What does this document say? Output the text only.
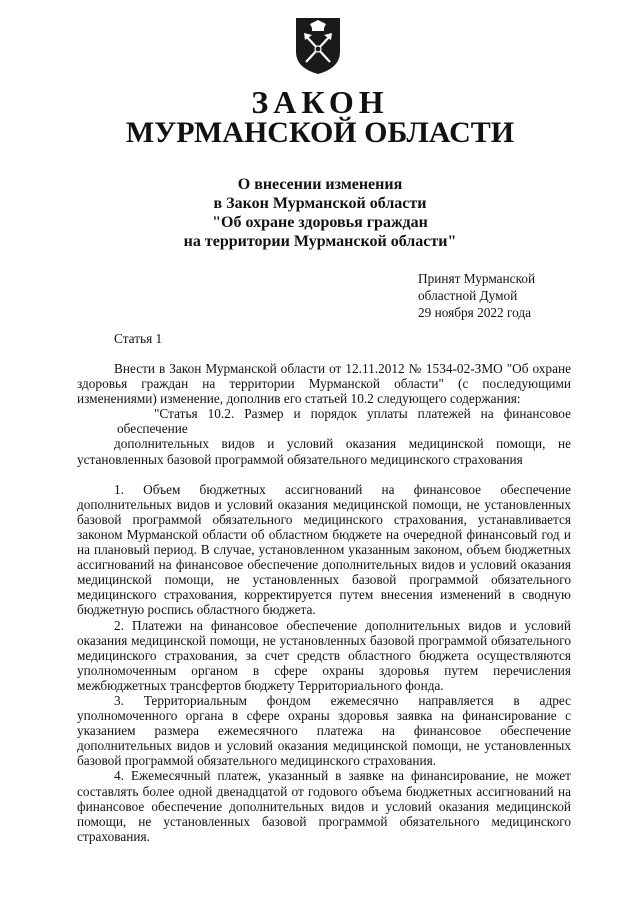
ЗАКОН
МУРМАНСКОЙ ОБЛАСТИ
О внесении изменения
в Закон Мурманской области
"Об охране здоровья граждан
на территории Мурманской области"
Принят Мурманской
областной Думой
29 ноября 2022 года
Статья 1

Внести в Закон Мурманской области от 12.11.2012 № 1534-02-ЗМО "Об охране здоровья граждан на территории Мурманской области" (с последующими изменениями) изменение, дополнив его статьей 10.2 следующего содержания:

"Статья 10.2. Размер и порядок уплаты платежей на финансовое обеспечение

дополнительных видов и условий оказания медицинской помощи, не установленных базовой программой обязательного медицинского страхования

1. Объем бюджетных ассигнований на финансовое обеспечение дополнительных видов и условий оказания медицинской помощи, не установленных базовой программой обязательного медицинского страхования, устанавливается законом Мурманской области об областном бюджете на очередной финансовый год и на плановый период. В случае, установленном указанным законом, объем бюджетных ассигнований на финансовое обеспечение дополнительных видов и условий оказания медицинской помощи, не установленных базовой программой обязательного медицинского страхования, корректируется путем внесения изменений в сводную бюджетную роспись областного бюджета.

2. Платежи на финансовое обеспечение дополнительных видов и условий оказания медицинской помощи, не установленных базовой программой обязательного медицинского страхования, за счет средств областного бюджета осуществляются уполномоченным органом в сфере охраны здоровья путем перечисления межбюджетных трансфертов бюджету Территориального фонда.

3. Территориальным фондом ежемесячно направляется в адрес уполномоченного органа в сфере охраны здоровья заявка на финансирование с указанием размера ежемесячного платежа на финансовое обеспечение дополнительных видов и условий оказания медицинской помощи, не установленных базовой программой обязательного медицинского страхования.

4. Ежемесячный платеж, указанный в заявке на финансирование, не может составлять более одной двенадцатой от годового объема бюджетных ассигнований на финансовое обеспечение дополнительных видов и условий оказания медицинской помощи, не установленных базовой программой обязательного медицинского страхования.
